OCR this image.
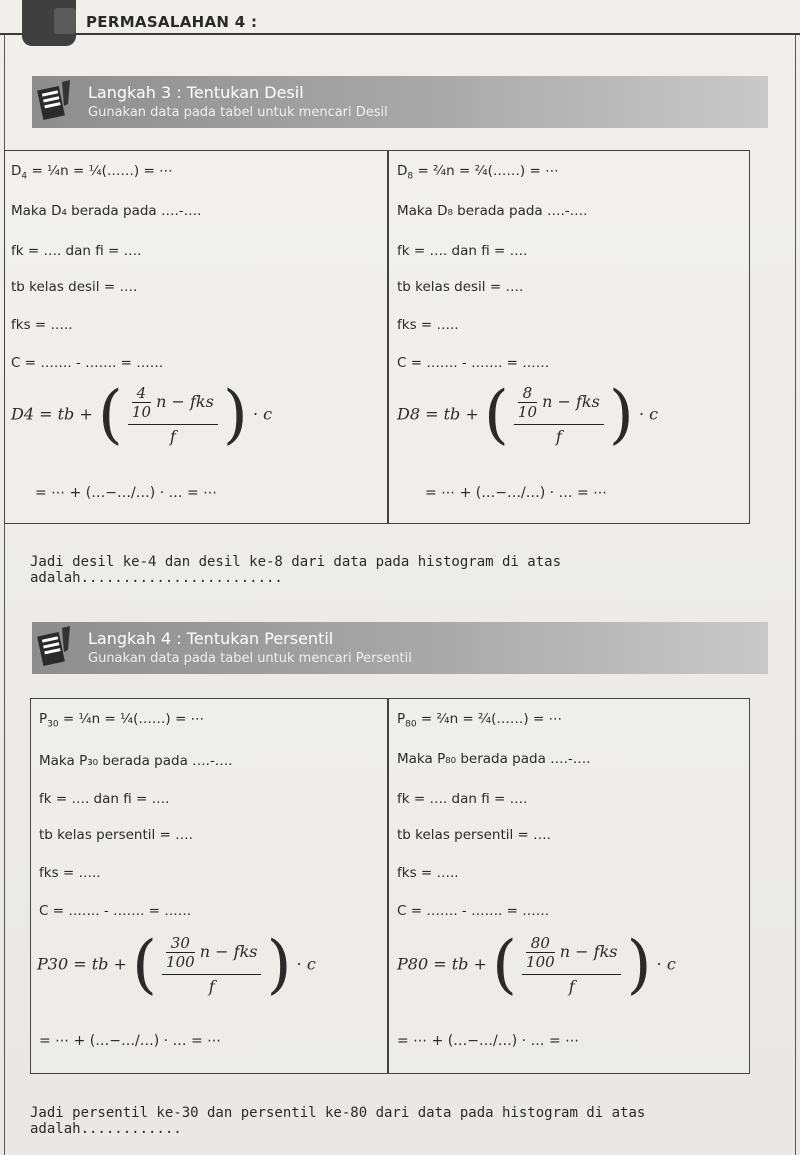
PERMASALAHAN 4 :
Langkah 3 : Tentukan Desil
Gunakan data pada tabel untuk mencari Desil
$D_4$ = ¼n = ¼(……) = ⋯
Maka D₄ berada pada ….-….
fk = …. dan fi = ….
tb kelas desil = ….
fks = …..
C = ……. - ……. = ……
D4 = tb + ( $\frac{\frac{4}{10} n - fks}{f}$ ) · c
= ⋯ + (…−…/…) · … = ⋯
$D_8$ = ²⁄₄n = ²⁄₄(……) = ⋯
Maka D₈ berada pada ….-….
fk = …. dan fi = ….
tb kelas desil = ….
fks = …..
C = ……. - ……. = ……
D8 = tb + ( $\frac{\frac{8}{10} n - fks}{f}$ ) · c
= ⋯ + (…−…/…) · … = ⋯
Jadi desil ke-4 dan desil ke-8 dari data pada histogram di atas adalah........................
Langkah 4 : Tentukan Persentil
Gunakan data pada tabel untuk mencari Persentil
$P_{30}$ = ¼n = ¼(……) = ⋯
Maka P₃₀ berada pada ….-….
fk = …. dan fi = ….
tb kelas persentil = ….
fks = …..
C = ……. - ……. = ……
P30 = tb + ( $\frac{\frac{30}{100} n - fks}{f}$ ) · c
= ⋯ + (…−…/…) · … = ⋯
$P_{80}$ = ²⁄₄n = ²⁄₄(……) = ⋯
Maka P₈₀ berada pada ….-….
fk = …. dan fi = ….
tb kelas persentil = ….
fks = …..
C = ……. - ……. = ……
P80 = tb + ( $\frac{\frac{80}{100} n - fks}{f}$ ) · c
= ⋯ + (…−…/…) · … = ⋯
Jadi persentil ke-30 dan persentil ke-80 dari data pada histogram di atas adalah............
